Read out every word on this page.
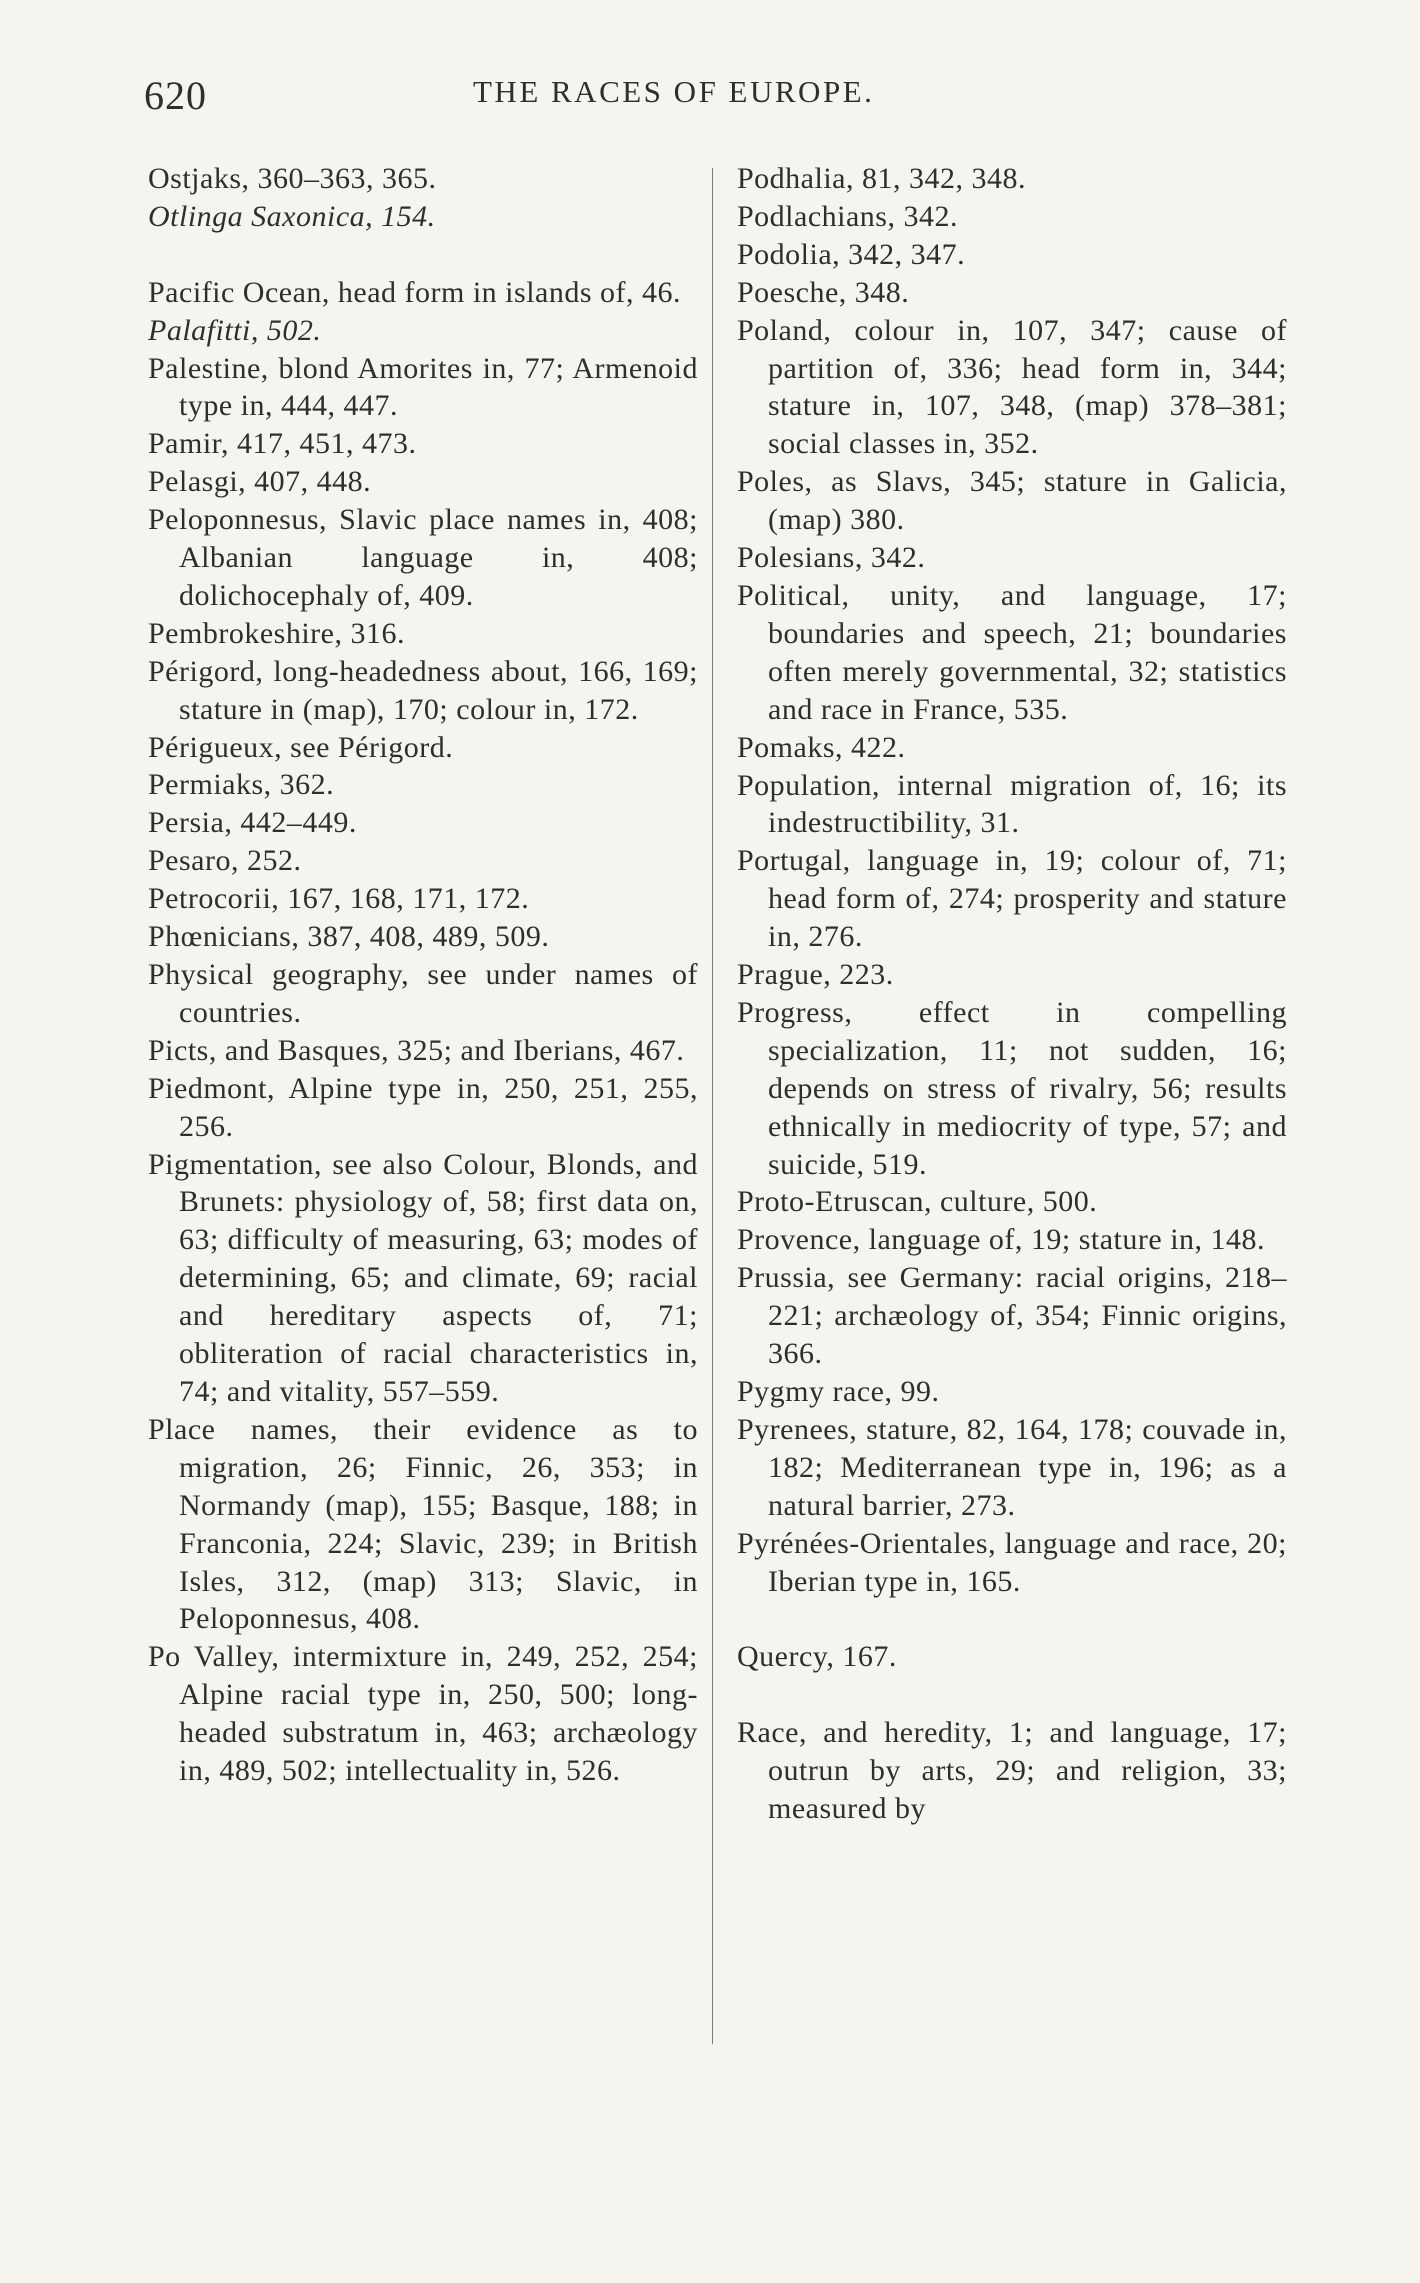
620	THE RACES OF EUROPE.

Ostjaks, 360–363, 365.

Otlinga Saxonica, 154.

Pacific Ocean, head form in islands of, 46.

Palafitti, 502.

Palestine, blond Amorites in, 77; Armenoid type in, 444, 447.

Pamir, 417, 451, 473.

Pelasgi, 407, 448.

Peloponnesus, Slavic place names in, 408; Albanian language in, 408; dolichocephaly of, 409.

Pembrokeshire, 316.

Périgord, long-headedness about, 166, 169; stature in (map), 170; colour in, 172.

Périgueux, see Périgord.

Permiaks, 362.

Persia, 442–449.

Pesaro, 252.

Petrocorii, 167, 168, 171, 172.

Phœnicians, 387, 408, 489, 509.

Physical geography, see under names of countries.

Picts, and Basques, 325; and Iberians, 467.

Piedmont, Alpine type in, 250, 251, 255, 256.

Pigmentation, see also Colour, Blonds, and Brunets: physiology of, 58; first data on, 63; difficulty of measuring, 63; modes of determining, 65; and climate, 69; racial and hereditary aspects of, 71; obliteration of racial characteristics in, 74; and vitality, 557–559.

Place names, their evidence as to migration, 26; Finnic, 26, 353; in Normandy (map), 155; Basque, 188; in Franconia, 224; Slavic, 239; in British Isles, 312, (map) 313; Slavic, in Peloponnesus, 408.

Po Valley, intermixture in, 249, 252, 254; Alpine racial type in, 250, 500; long-headed substratum in, 463; archæology in, 489, 502; intellectuality in, 526.

Podhalia, 81, 342, 348.

Podlachians, 342.

Podolia, 342, 347.

Poesche, 348.

Poland, colour in, 107, 347; cause of partition of, 336; head form in, 344; stature in, 107, 348, (map) 378–381; social classes in, 352.

Poles, as Slavs, 345; stature in Galicia, (map) 380.

Polesians, 342.

Political, unity, and language, 17; boundaries and speech, 21; boundaries often merely governmental, 32; statistics and race in France, 535.

Pomaks, 422.

Population, internal migration of, 16; its indestructibility, 31.

Portugal, language in, 19; colour of, 71; head form of, 274; prosperity and stature in, 276.

Prague, 223.

Progress, effect in compelling specialization, 11; not sudden, 16; depends on stress of rivalry, 56; results ethnically in mediocrity of type, 57; and suicide, 519.

Proto-Etruscan, culture, 500.

Provence, language of, 19; stature in, 148.

Prussia, see Germany: racial origins, 218–221; archæology of, 354; Finnic origins, 366.

Pygmy race, 99.

Pyrenees, stature, 82, 164, 178; couvade in, 182; Mediterranean type in, 196; as a natural barrier, 273.

Pyrénées-Orientales, language and race, 20; Iberian type in, 165.

Quercy, 167.

Race, and heredity, 1; and language, 17; outrun by arts, 29; and religion, 33; measured by
